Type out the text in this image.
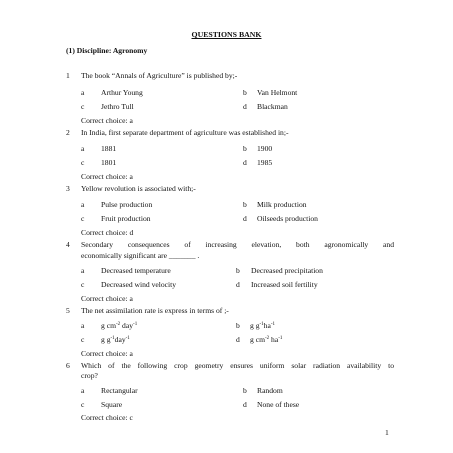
QUESTIONS BANK
(1) Discipline: Agronomy
1 The book “Annals of Agriculture” is published by;-
a Arthur Young	b Van Helmont
c Jethro Tull	d Blackman
Correct choice: a
2 In India, first separate department of agriculture was established in;-
a 1881	b 1900
c 1801	d 1985
Correct choice: a
3 Yellow revolution is associated with;-
a Pulse production	b Milk production
c Fruit production	d Oilseeds production
Correct choice: d
4 Secondary consequences of increasing elevation, both agronomically and
economically significant are _______ .
a Decreased temperature	b Decreased precipitation
c Decreased wind velocity	d Increased soil fertility
Correct choice: a
5 The net assimilation rate is express in terms of ;-
a g $cm^{-2}$ day$^{-1}$	b g $g^{-1}ha^{-1}$
c g $g^{-1}day^{-1}$	d g $cm^{-2}$ $ha^{-1}$
Correct choice: a
6 Which of the following crop geometry ensures uniform solar radiation availability to
crop?
a Rectangular	b Random
c Square	d None of these
Correct choice: c
1
